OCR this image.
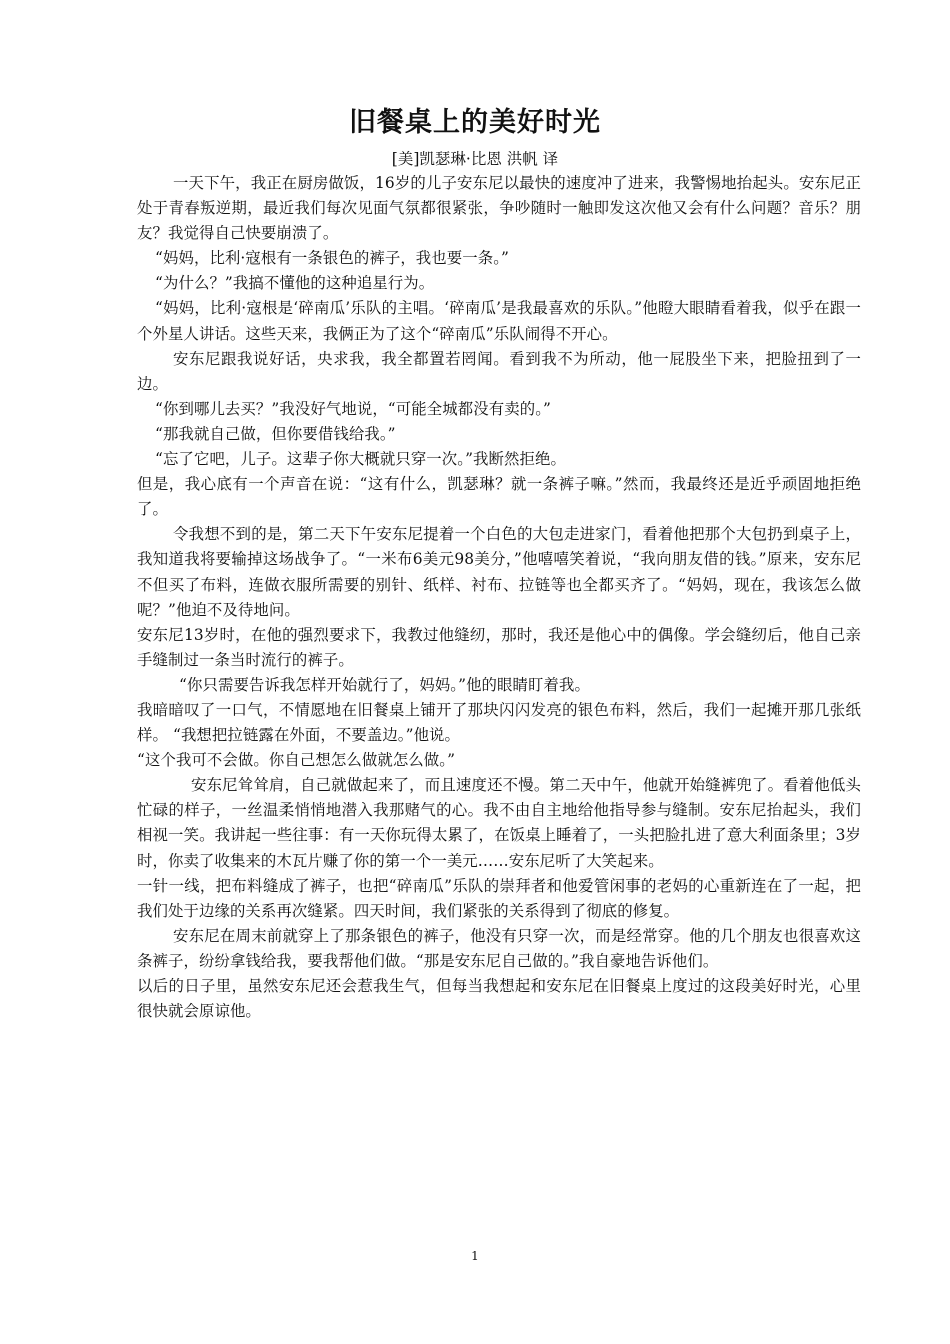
旧餐桌上的美好时光
[美]凯瑟琳·比恩 洪帆 译

一天下午，我正在厨房做饭，16岁的儿子安东尼以最快的速度冲了进来，我警惕地抬起头。安东尼正处于青春叛逆期，最近我们每次见面气氛都很紧张，争吵随时一触即发这次他又会有什么问题？音乐？朋友？我觉得自己快要崩溃了。

“妈妈，比利·寇根有一条银色的裤子，我也要一条。”

“为什么？”我搞不懂他的这种追星行为。

“妈妈，比利·寇根是‘碎南瓜’乐队的主唱。‘碎南瓜’是我最喜欢的乐队。”他瞪大眼睛看着我，似乎在跟一个外星人讲话。这些天来，我俩正为了这个“碎南瓜”乐队闹得不开心。

安东尼跟我说好话，央求我，我全都置若罔闻。看到我不为所动，他一屁股坐下来，把脸扭到了一边。

“你到哪儿去买？”我没好气地说，“可能全城都没有卖的。”

“那我就自己做，但你要借钱给我。”

“忘了它吧，儿子。这辈子你大概就只穿一次。”我断然拒绝。

但是，我心底有一个声音在说：“这有什么，凯瑟琳？就一条裤子嘛。”然而，我最终还是近乎顽固地拒绝了。

令我想不到的是，第二天下午安东尼提着一个白色的大包走进家门，看着他把那个大包扔到桌子上，我知道我将要输掉这场战争了。“一米布6美元98美分，”他嘻嘻笑着说，“我向朋友借的钱。”原来，安东尼不但买了布料，连做衣服所需要的别针、纸样、衬布、拉链等也全都买齐了。“妈妈，现在，我该怎么做呢？”他迫不及待地问。

安东尼13岁时，在他的强烈要求下，我教过他缝纫，那时，我还是他心中的偶像。学会缝纫后，他自己亲手缝制过一条当时流行的裤子。

“你只需要告诉我怎样开始就行了，妈妈。”他的眼睛盯着我。

我暗暗叹了一口气，不情愿地在旧餐桌上铺开了那块闪闪发亮的银色布料，然后，我们一起摊开那几张纸样。 “我想把拉链露在外面，不要盖边。”他说。

“这个我可不会做。你自己想怎么做就怎么做。”

安东尼耸耸肩，自己就做起来了，而且速度还不慢。第二天中午，他就开始缝裤兜了。看着他低头忙碌的样子，一丝温柔悄悄地潜入我那赌气的心。我不由自主地给他指导参与缝制。安东尼抬起头，我们相视一笑。我讲起一些往事：有一天你玩得太累了，在饭桌上睡着了，一头把脸扎进了意大利面条里；3岁时，你卖了收集来的木瓦片赚了你的第一个一美元……安东尼听了大笑起来。

一针一线，把布料缝成了裤子，也把“碎南瓜”乐队的崇拜者和他爱管闲事的老妈的心重新连在了一起，把我们处于边缘的关系再次缝紧。四天时间，我们紧张的关系得到了彻底的修复。

安东尼在周末前就穿上了那条银色的裤子，他没有只穿一次，而是经常穿。他的几个朋友也很喜欢这条裤子，纷纷拿钱给我，要我帮他们做。“那是安东尼自己做的。”我自豪地告诉他们。

以后的日子里，虽然安东尼还会惹我生气，但每当我想起和安东尼在旧餐桌上度过的这段美好时光，心里很快就会原谅他。

1
